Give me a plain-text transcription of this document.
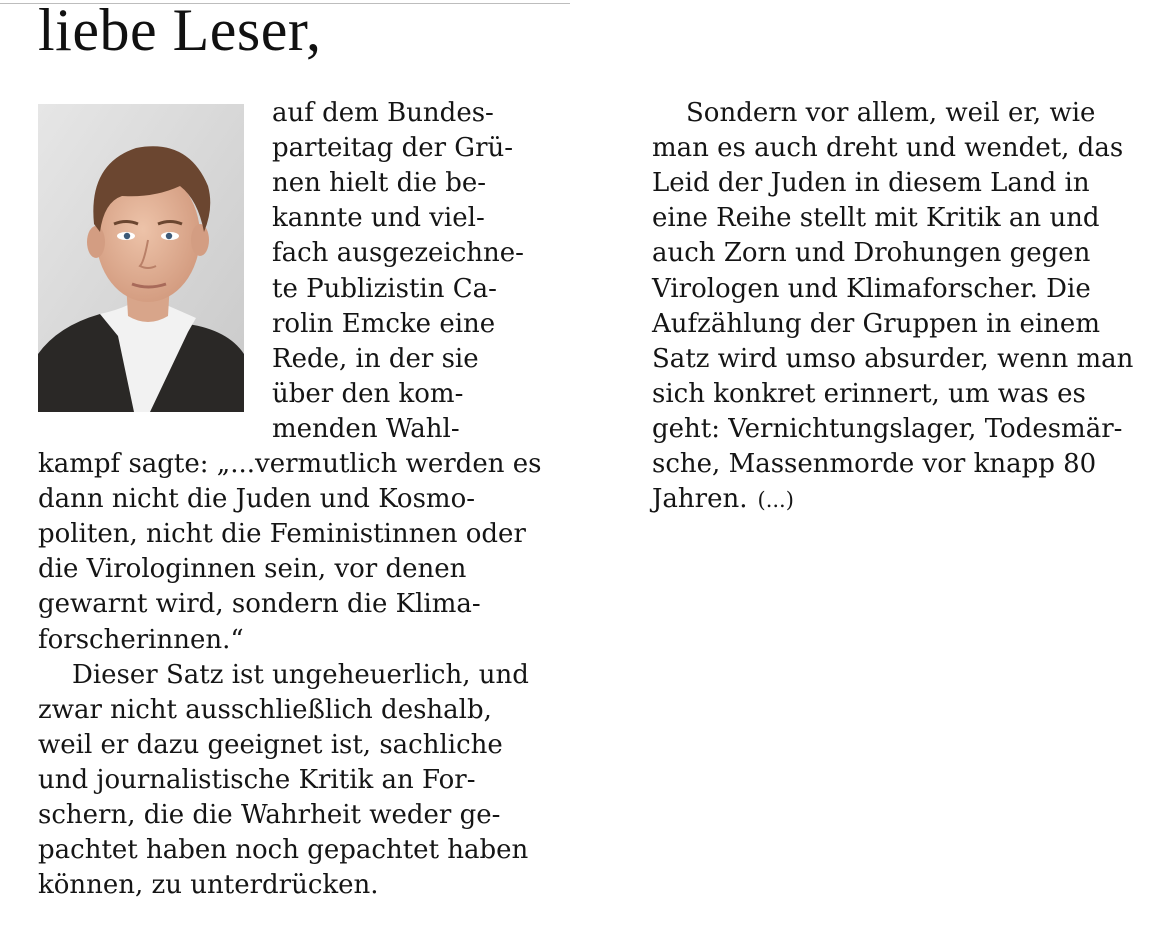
liebe Leser,

auf dem Bundes-

parteitag der Grü-

nen hielt die be-

kannte und viel-

fach ausgezeichne-

te Publizistin Ca-

rolin Emcke eine

Rede, in der sie

über den kom-

menden Wahl-

kampf sagte: „...vermutlich werden es

dann nicht die Juden und Kosmo-

politen, nicht die Feministinnen oder

die Virologinnen sein, vor denen

gewarnt wird, sondern die Klima-

forscherinnen.“

Dieser Satz ist ungeheuerlich, und

zwar nicht ausschließlich deshalb,

weil er dazu geeignet ist, sachliche

und journalistische Kritik an For-

schern, die die Wahrheit weder ge-

pachtet haben noch gepachtet haben

können, zu unterdrücken.

Sondern vor allem, weil er, wie

man es auch dreht und wendet, das

Leid der Juden in diesem Land in

eine Reihe stellt mit Kritik an und

auch Zorn und Drohungen gegen

Virologen und Klimaforscher. Die

Aufzählung der Gruppen in einem

Satz wird umso absurder, wenn man

sich konkret erinnert, um was es

geht: Vernichtungslager, Todesmär-

sche, Massenmorde vor knapp 80

Jahren. (...)
